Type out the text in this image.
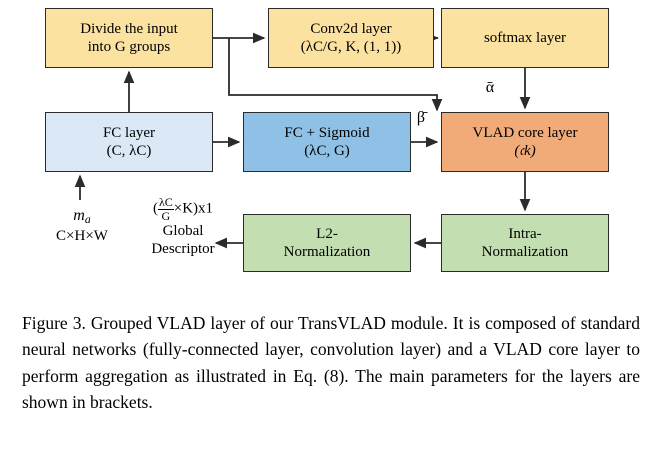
Divide the input
into G groups
Conv2d layer
(λC/G, K, (1, 1))
softmax layer
FC layer
(C, λC)
FC + Sigmoid
(λC, G)
VLAD core layer
(𝔠k)
Intra-
Normalization
L2-
Normalization
ᾱ
β̄
$m_a$
C×H×W
( $\frac{\lambda C}{G} \times K)x1$
Global
Descriptor
Figure 3. Grouped VLAD layer of our TransVLAD module. It is composed of standard neural networks (fully-connected layer, convolution layer) and a VLAD core layer to perform aggregation as illustrated in Eq. (8). The main parameters for the layers are shown in brackets.
